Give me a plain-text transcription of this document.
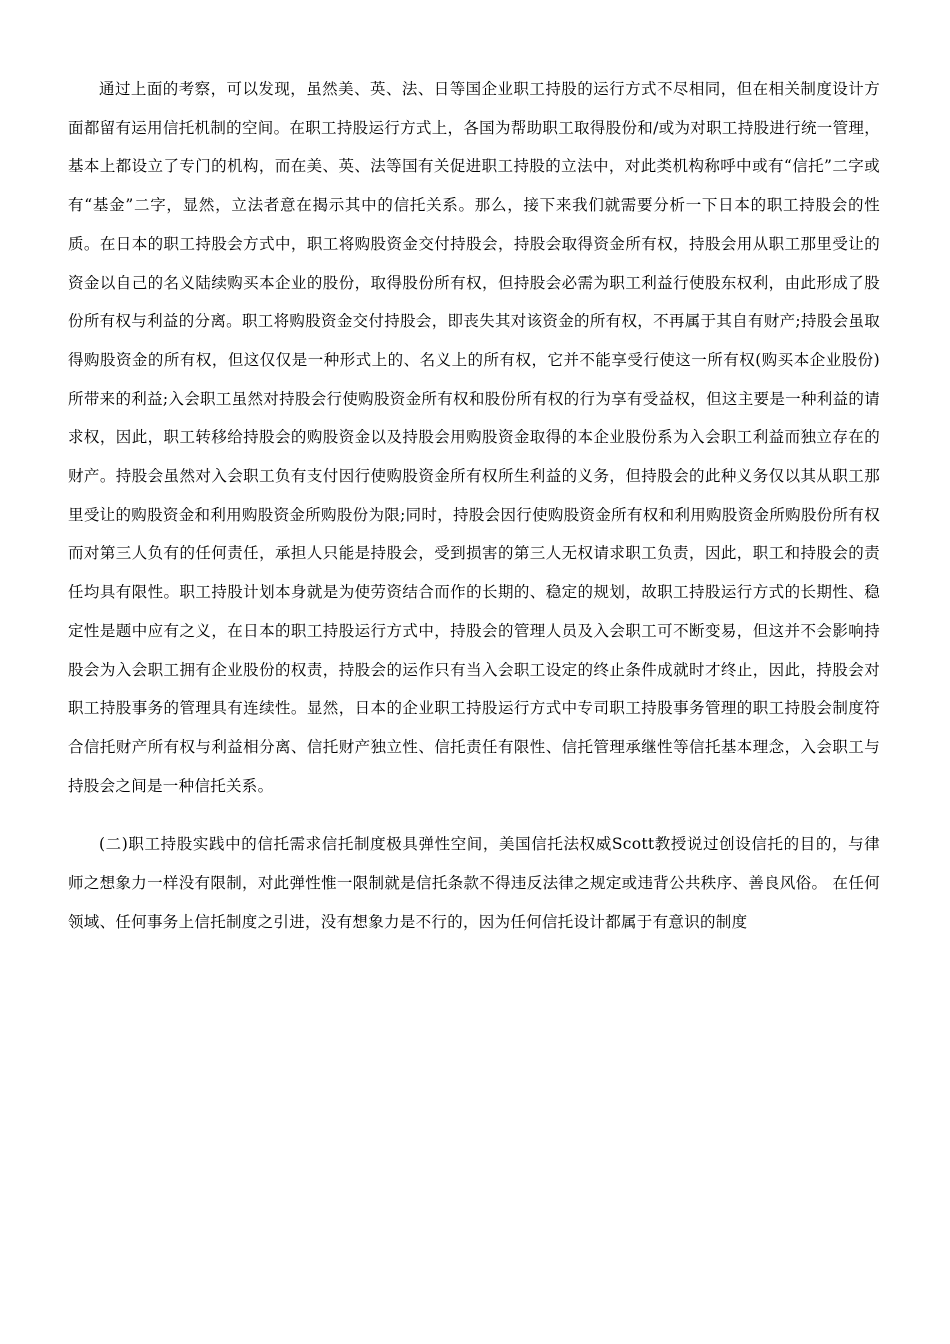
通过上面的考察，可以发现，虽然美、英、法、日等国企业职工持股的运行方式不尽相同，但在相关制度设计方面都留有运用信托机制的空间。在职工持股运行方式上，各国为帮助职工取得股份和/或为对职工持股进行统一管理，基本上都设立了专门的机构，而在美、英、法等国有关促进职工持股的立法中，对此类机构称呼中或有“信托”二字或有“基金”二字，显然，立法者意在揭示其中的信托关系。那么，接下来我们就需要分析一下日本的职工持股会的性质。在日本的职工持股会方式中，职工将购股资金交付持股会，持股会取得资金所有权，持股会用从职工那里受让的资金以自己的名义陆续购买本企业的股份，取得股份所有权，但持股会必需为职工利益行使股东权利，由此形成了股份所有权与利益的分离。职工将购股资金交付持股会，即丧失其对该资金的所有权，不再属于其自有财产;持股会虽取得购股资金的所有权，但这仅仅是一种形式上的、名义上的所有权，它并不能享受行使这一所有权(购买本企业股份)所带来的利益;入会职工虽然对持股会行使购股资金所有权和股份所有权的行为享有受益权，但这主要是一种利益的请求权，因此，职工转移给持股会的购股资金以及持股会用购股资金取得的本企业股份系为入会职工利益而独立存在的财产。持股会虽然对入会职工负有支付因行使购股资金所有权所生利益的义务，但持股会的此种义务仅以其从职工那里受让的购股资金和利用购股资金所购股份为限;同时，持股会因行使购股资金所有权和利用购股资金所购股份所有权而对第三人负有的任何责任，承担人只能是持股会，受到损害的第三人无权请求职工负责，因此，职工和持股会的责任均具有限性。职工持股计划本身就是为使劳资结合而作的长期的、稳定的规划，故职工持股运行方式的长期性、稳定性是题中应有之义，在日本的职工持股运行方式中，持股会的管理人员及入会职工可不断变易，但这并不会影响持股会为入会职工拥有企业股份的权责，持股会的运作只有当入会职工设定的终止条件成就时才终止，因此，持股会对职工持股事务的管理具有连续性。显然，日本的企业职工持股运行方式中专司职工持股事务管理的职工持股会制度符合信托财产所有权与利益相分离、信托财产独立性、信托责任有限性、信托管理承继性等信托基本理念，入会职工与持股会之间是一种信托关系。

(二)职工持股实践中的信托需求信托制度极具弹性空间，美国信托法权威Scott教授说过创设信托的目的，与律师之想象力一样没有限制，对此弹性惟一限制就是信托条款不得违反法律之规定或违背公共秩序、善良风俗。 在任何领域、任何事务上信托制度之引进，没有想象力是不行的，因为任何信托设计都属于有意识的制度
